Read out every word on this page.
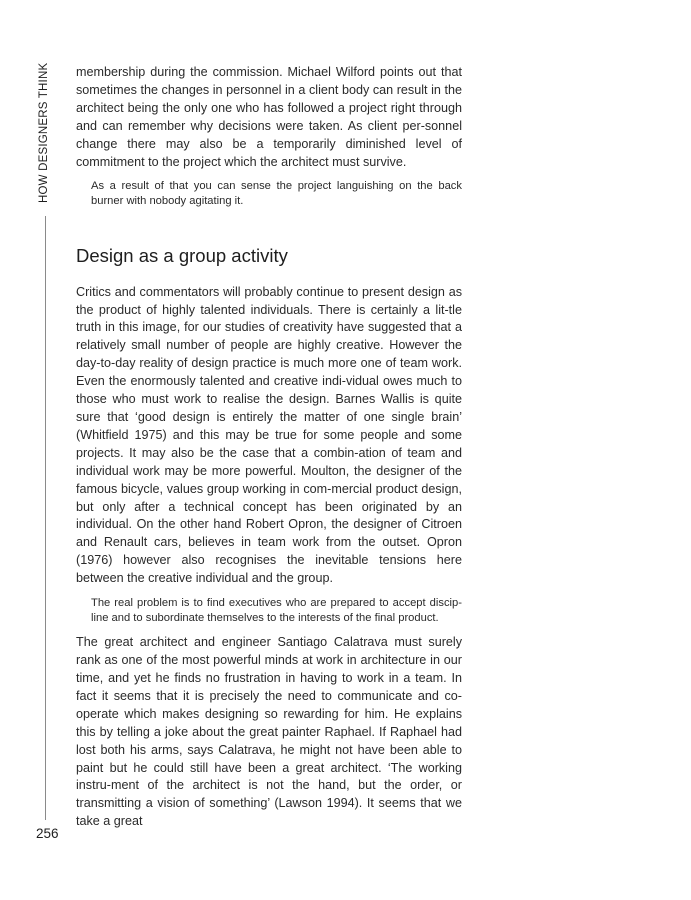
HOW DESIGNERS THINK
256

membership during the commission. Michael Wilford points out that sometimes the changes in personnel in a client body can result in the architect being the only one who has followed a project right through and can remember why decisions were taken. As client per-sonnel change there may also be a temporarily diminished level of commitment to the project which the architect must survive.

As a result of that you can sense the project languishing on the back burner with nobody agitating it.

Design as a group activity

Critics and commentators will probably continue to present design as the product of highly talented individuals. There is certainly a lit-tle truth in this image, for our studies of creativity have suggested that a relatively small number of people are highly creative. However the day-to-day reality of design practice is much more one of team work. Even the enormously talented and creative indi-vidual owes much to those who must work to realise the design. Barnes Wallis is quite sure that ‘good design is entirely the matter of one single brain’ (Whitfield 1975) and this may be true for some people and some projects. It may also be the case that a combin-ation of team and individual work may be more powerful. Moulton, the designer of the famous bicycle, values group working in com-mercial product design, but only after a technical concept has been originated by an individual. On the other hand Robert Opron, the designer of Citroen and Renault cars, believes in team work from the outset. Opron (1976) however also recognises the inevitable tensions here between the creative individual and the group.

The real problem is to find executives who are prepared to accept discip-line and to subordinate themselves to the interests of the final product.

The great architect and engineer Santiago Calatrava must surely rank as one of the most powerful minds at work in architecture in our time, and yet he finds no frustration in having to work in a team. In fact it seems that it is precisely the need to communicate and co-operate which makes designing so rewarding for him. He explains this by telling a joke about the great painter Raphael. If Raphael had lost both his arms, says Calatrava, he might not have been able to paint but he could still have been a great architect. ‘The working instru-ment of the architect is not the hand, but the order, or transmitting a vision of something’ (Lawson 1994). It seems that we take a great
